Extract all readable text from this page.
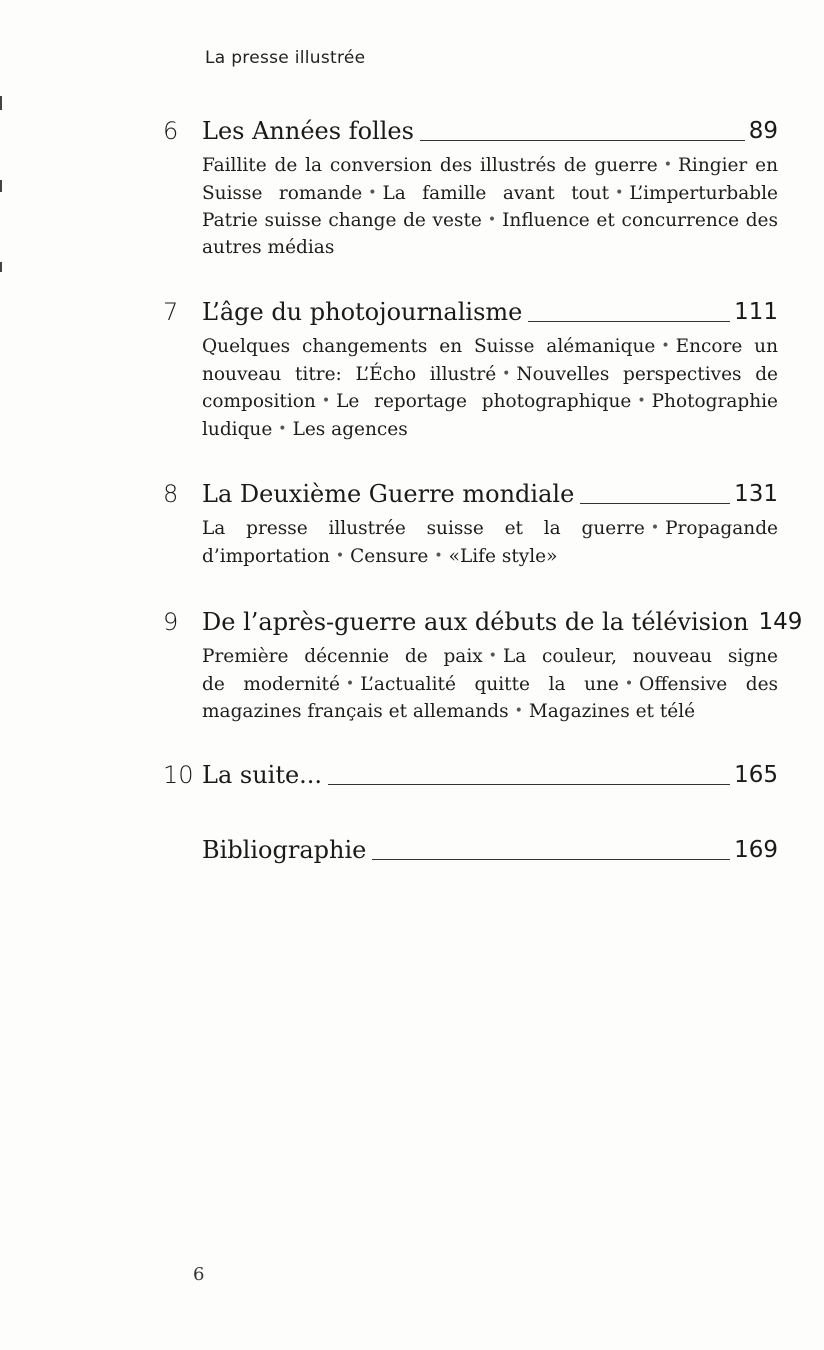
La presse illustrée
6 Les Années folles	89
Faillite de la conversion des illustrés de guerre • Ringier en
Suisse romande • La famille avant tout • L’imperturbable
Patrie suisse change de veste • Influence et concurrence des
autres médias
7 L’âge du photojournalisme	111
Quelques changements en Suisse alémanique • Encore un
nouveau titre: L’Écho illustré • Nouvelles perspectives de
composition • Le reportage photographique • Photographie
ludique • Les agences
8 La Deuxième Guerre mondiale	131
La presse illustrée suisse et la guerre • Propagande
d’importation • Censure • «Life style»
9 De l’après-guerre aux débuts de la télévision 149
Première décennie de paix • La couleur, nouveau signe
de modernité • L’actualité quitte la une • Offensive des
magazines français et allemands • Magazines et télé
10 La suite...	165
Bibliographie	169
6
